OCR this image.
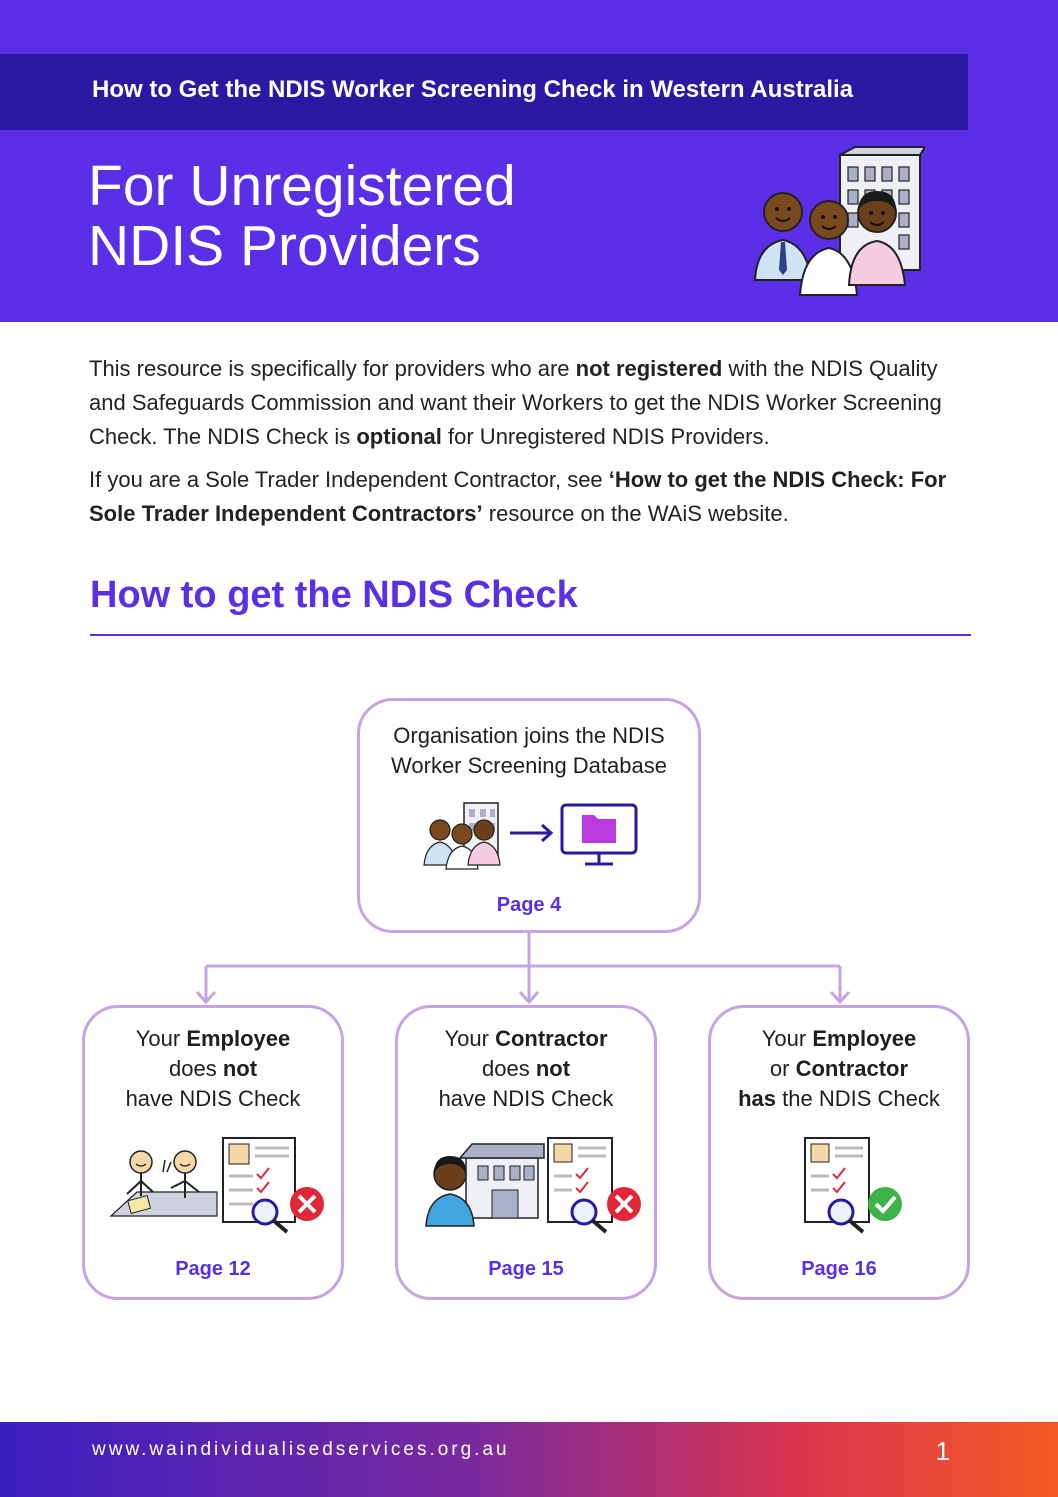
How to Get the NDIS Worker Screening Check in Western Australia
For Unregistered
NDIS Providers

This resource is specifically for providers who are not registered with the NDIS Quality and Safeguards Commission and want their Workers to get the NDIS Worker Screening Check. The NDIS Check is optional for Unregistered NDIS Providers.

If you are a Sole Trader Independent Contractor, see ‘How to get the NDIS Check: For Sole Trader Independent Contractors’ resource on the WAiS website.

How to get the NDIS Check
Organisation joins the NDIS
Worker Screening Database
Page 4
Your Employee
does not
have NDIS Check
Page 12
Your Contractor
does not
have NDIS Check
Page 15
Your Employee
or Contractor
has the NDIS Check
Page 16
www.waindividualisedservices.org.au	1
